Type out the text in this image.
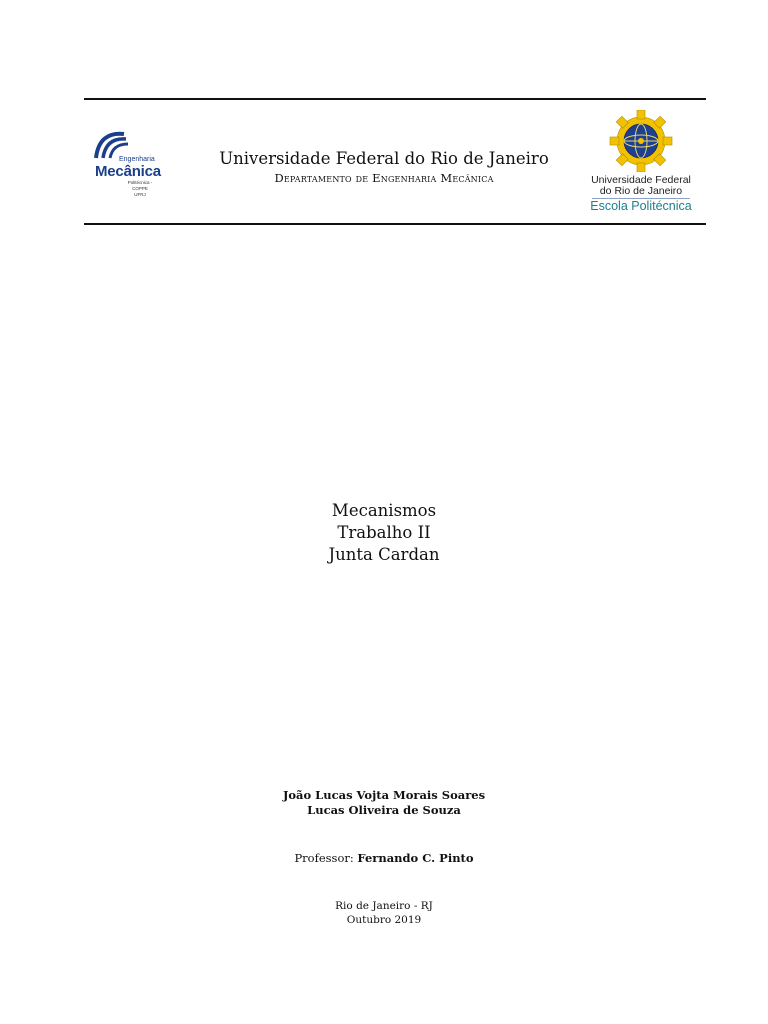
Engenharia
Mecânica
Politécnica - COPPE
UFRJ
Universidade Federal do Rio de Janeiro
Departamento de Engenharia Mecânica	Universidade Federal
do Rio de Janeiro
Escola Politécnica
Mecanismos
Trabalho II
Junta Cardan
João Lucas Vojta Morais Soares
Lucas Oliveira de Souza
Professor: Fernando C. Pinto
Rio de Janeiro - RJ
Outubro 2019
